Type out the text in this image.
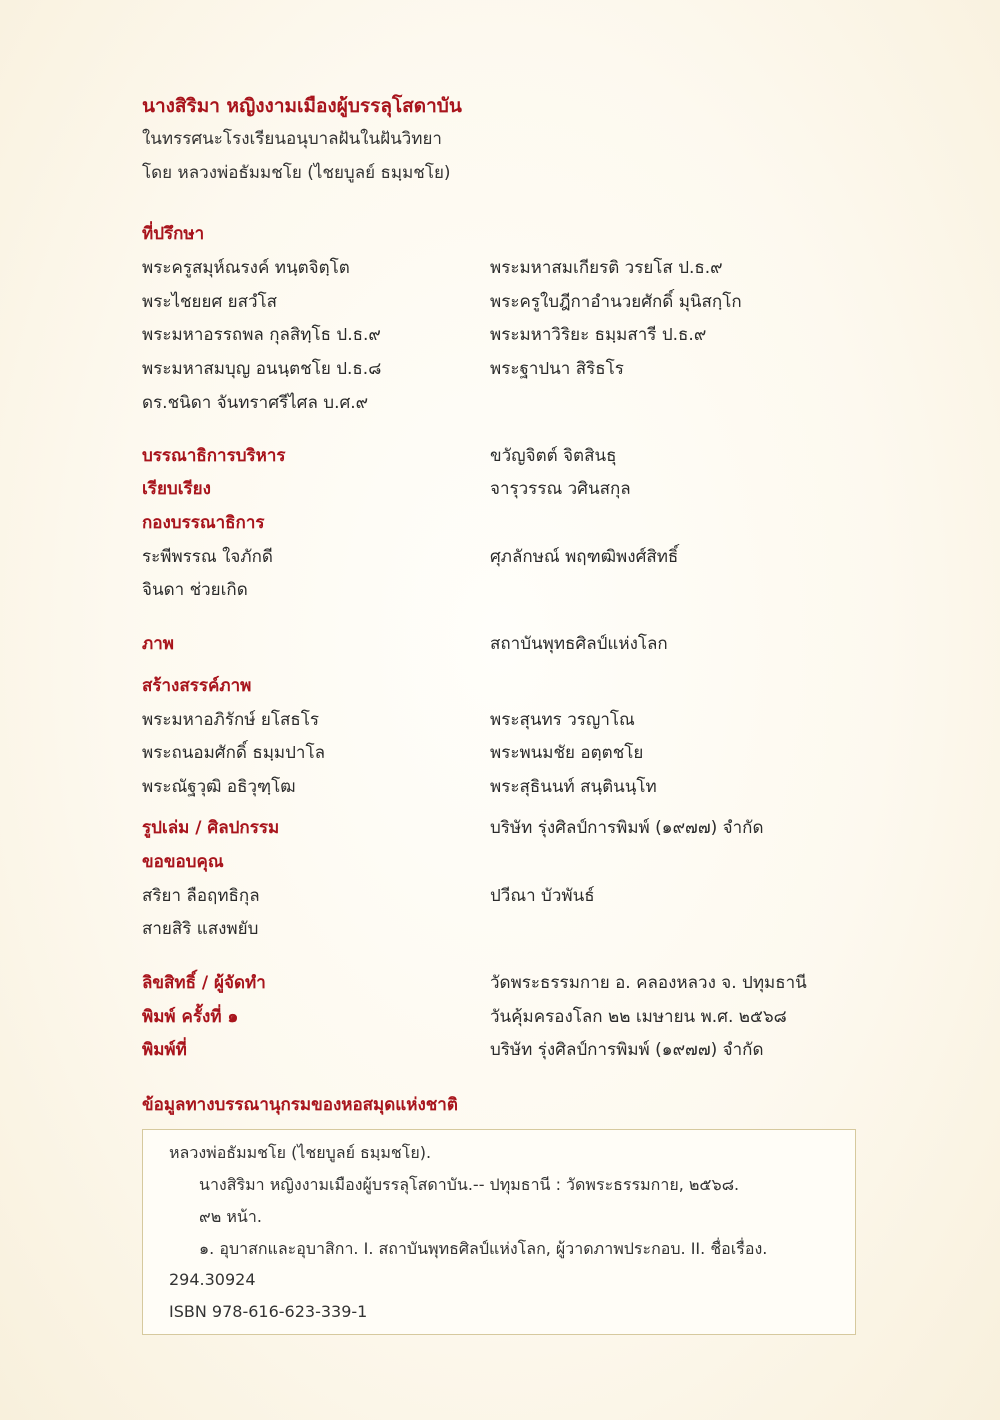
นางสิริมา หญิงงามเมืองผู้บรรลุโสดาบัน
ในทรรศนะโรงเรียนอนุบาลฝันในฝันวิทยา
โดย หลวงพ่อธัมมชโย (ไชยบูลย์ ธมฺมชโย)
ที่ปรึกษา
พระครูสมุห์ณรงค์ ทนฺตจิตฺโต	พระมหาสมเกียรติ วรยโส ป.ธ.๙
พระไชยยศ ยสวํโส	พระครูใบฎีกาอำนวยศักดิ์ มุนิสกฺโก
พระมหาอรรถพล กุลสิทฺโธ ป.ธ.๙	พระมหาวิริยะ ธมฺมสารี ป.ธ.๙
พระมหาสมบุญ อนนฺตชโย ป.ธ.๘	พระฐาปนา สิริธโร
ดร.ชนิดา จันทราศรีไศล บ.ศ.๙
บรรณาธิการบริหาร	ขวัญจิตต์ จิตสินธุ
เรียบเรียง	จารุวรรณ วศินสกุล
กองบรรณาธิการ
ระพีพรรณ ใจภักดี	ศุภลักษณ์ พฤฑฒิพงศ์สิทธิ์
จินดา ช่วยเกิด
ภาพ	สถาบันพุทธศิลป์แห่งโลก
สร้างสรรค์ภาพ
พระมหาอภิรักษ์ ยโสธโร	พระสุนทร วรญาโณ
พระถนอมศักดิ์ ธมฺมปาโล	พระพนมชัย อตฺตชโย
พระณัฐวุฒิ อธิวุฑฺโฒ	พระสุธินนท์ สนฺตินนฺโท
รูปเล่ม / ศิลปกรรม	บริษัท รุ่งศิลป์การพิมพ์ (๑๙๗๗) จำกัด
ขอขอบคุณ
สริยา ลือฤทธิกุล	ปวีณา บัวพันธ์
สายสิริ แสงพยับ
ลิขสิทธิ์ / ผู้จัดทำ	วัดพระธรรมกาย อ. คลองหลวง จ. ปทุมธานี
พิมพ์ ครั้งที่ ๑	วันคุ้มครองโลก ๒๒ เมษายน พ.ศ. ๒๕๖๘
พิมพ์ที่	บริษัท รุ่งศิลป์การพิมพ์ (๑๙๗๗) จำกัด
ข้อมูลทางบรรณานุกรมของหอสมุดแห่งชาติ
หลวงพ่อธัมมชโย (ไชยบูลย์ ธมฺมชโย).
นางสิริมา หญิงงามเมืองผู้บรรลุโสดาบัน.-- ปทุมธานี : วัดพระธรรมกาย, ๒๕๖๘.
๙๒ หน้า.
๑. อุบาสกและอุบาสิกา. I. สถาบันพุทธศิลป์แห่งโลก, ผู้วาดภาพประกอบ. II. ชื่อเรื่อง.
294.30924
ISBN 978-616-623-339-1
